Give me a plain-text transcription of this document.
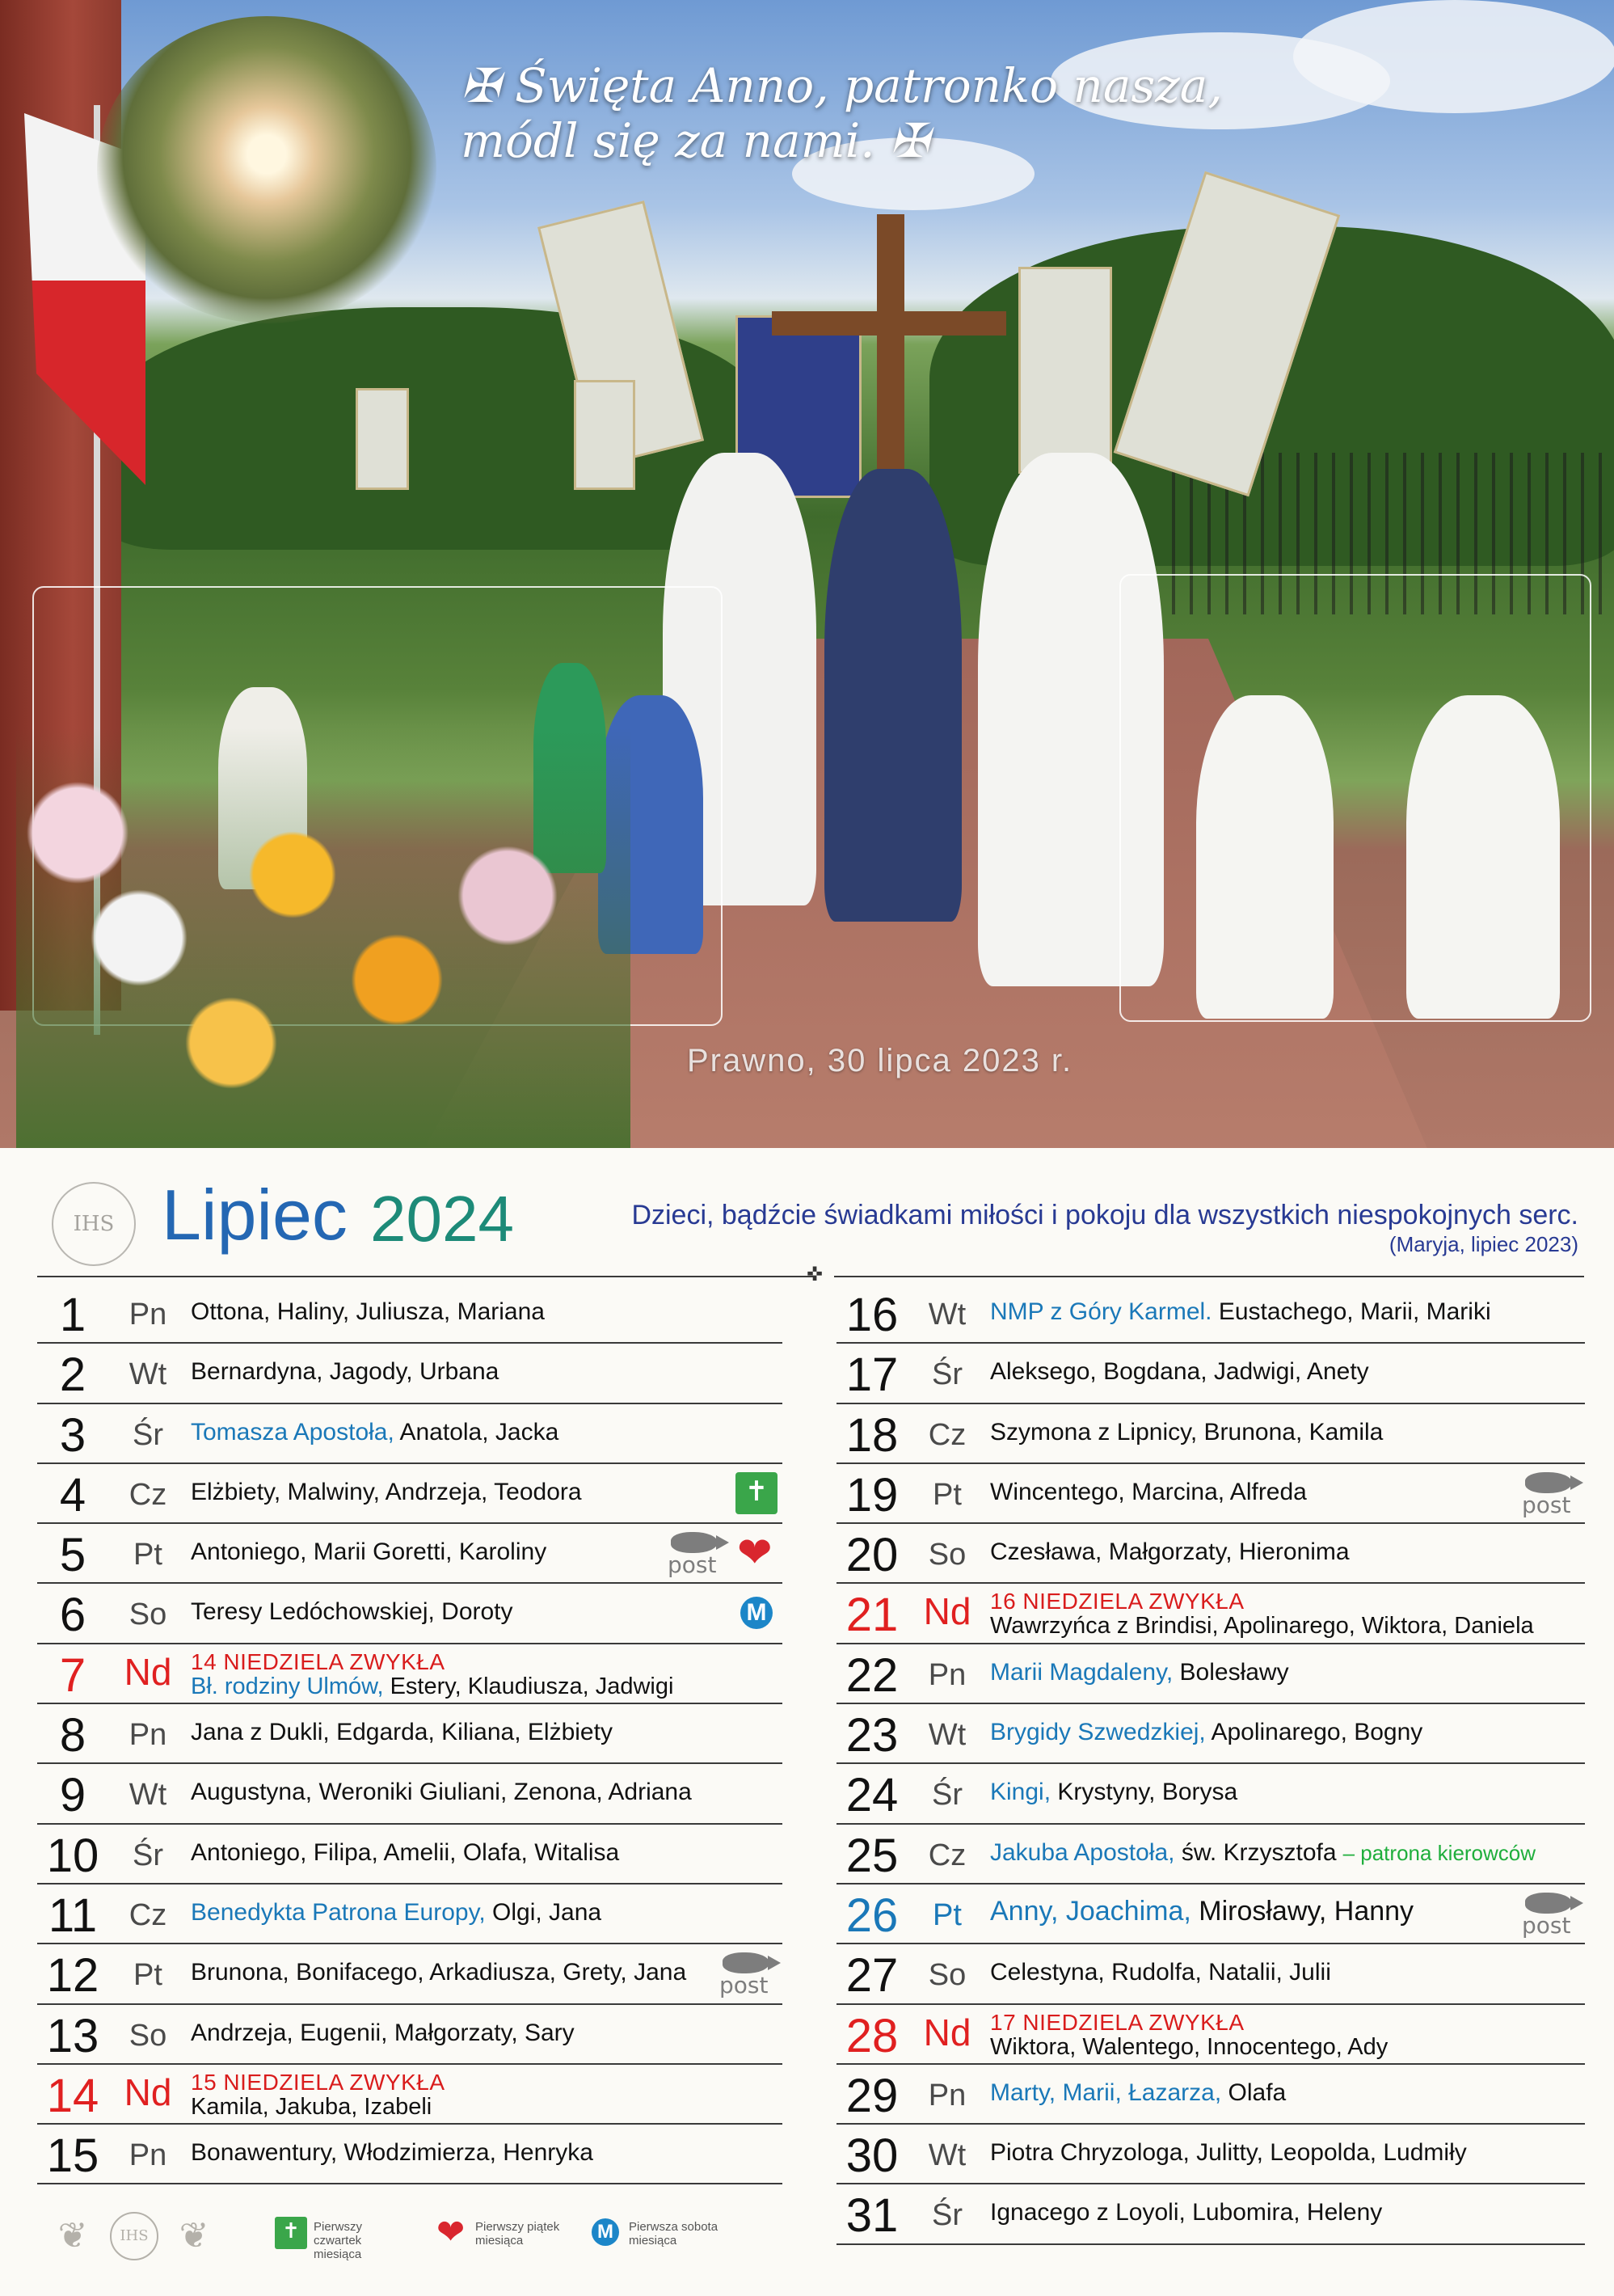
✠ Święta Anno, patronko nasza,
módl się za nami. ✠
Prawno, 30 lipca 2023 r.
IHS Lipiec 2024	Dzieci, bądźcie świadkami miłości i pokoju dla wszystkich niespokojnych serc.
(Maryja, lipiec 2023)
✜
1	Pn Ottona, Haliny, Juliusza, Mariana
2	Wt Bernardyna, Jagody, Urbana
3	Śr	Tomasza Apostoła, Anatola, Jacka
4	Cz Elżbiety, Malwiny, Andrzeja, Teodora
✝
5	Pt	Antoniego, Marii Goretti, Karoliny	post
❤
6	So Teresy Ledóchowskiej, Doroty
M
7	Nd 14 NIEDZIELA ZWYKŁA
Bł. rodziny Ulmów, Estery, Klaudiusza, Jadwigi
8	Pn Jana z Dukli, Edgarda, Kiliana, Elżbiety
9	Wt Augustyna, Weroniki Giuliani, Zenona, Adriana
10	Śr	Antoniego, Filipa, Amelii, Olafa, Witalisa
11	Cz Benedykta Patrona Europy, Olgi, Jana
12	Pt	Brunona, Bonifacego, Arkadiusza, Grety, Jana post
13 So Andrzeja, Eugenii, Małgorzaty, Sary
14 Nd 15 NIEDZIELA ZWYKŁA
Kamila, Jakuba, Izabeli
15 Pn Bonawentury, Włodzimierza, Henryka
16 Wt NMP z Góry Karmel. Eustachego, Marii, Mariki
17	Śr	Aleksego, Bogdana, Jadwigi, Anety
18 Cz Szymona z Lipnicy, Brunona, Kamila
19	Pt	Wincentego, Marcina, Alfreda	post
20 So Czesława, Małgorzaty, Hieronima
21 Nd 16 NIEDZIELA ZWYKŁA
Wawrzyńca z Brindisi, Apolinarego, Wiktora, Daniela
22 Pn Marii Magdaleny, Bolesławy
23 Wt Brygidy Szwedzkiej, Apolinarego, Bogny
24	Śr	Kingi, Krystyny, Borysa
25 Cz Jakuba Apostoła, św. Krzysztofa – patrona kierowców
26	Pt	Anny, Joachima, Mirosławy, Hanny	post
27 So Celestyna, Rudolfa, Natalii, Julii
28 Nd 17 NIEDZIELA ZWYKŁA
Wiktora, Walentego, Innocentego, Ady
29 Pn Marty, Marii, Łazarza, Olafa
30 Wt Piotra Chryzologa, Julitty, Leopolda, Ludmiły
31	Śr	Ignacego z Loyoli, Lubomira, Heleny
❦	IHS ❦
✝	Pierwszy czwartek miesiąca
❤
Pierwszy piątek miesiąca
M
Pierwsza sobota miesiąca
